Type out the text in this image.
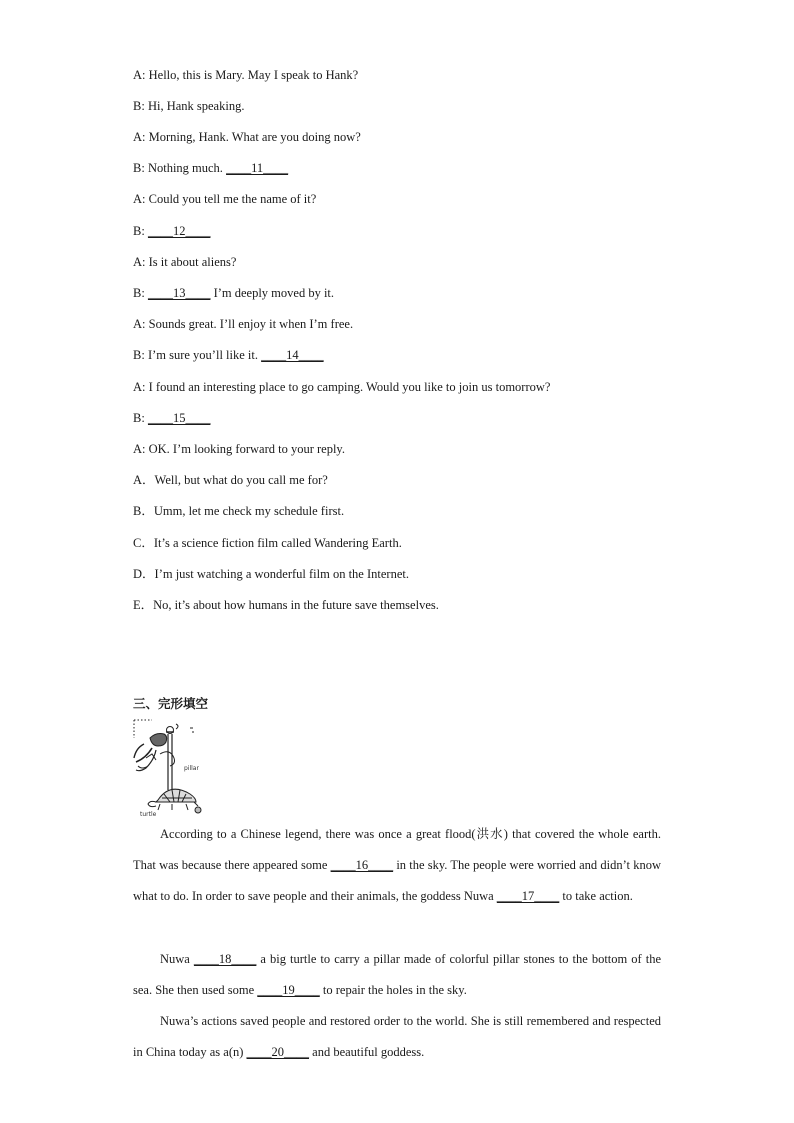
A: Hello, this is Mary. May I speak to Hank?
B: Hi, Hank speaking.
A: Morning, Hank. What are you doing now?
B: Nothing much. ____11____
A: Could you tell me the name of it?
B: ____12____
A: Is it about aliens?
B: ____13____ I’m deeply moved by it.
A: Sounds great. I’ll enjoy it when I’m free.
B: I’m sure you’ll like it. ____14____
A: I found an interesting place to go camping. Would you like to join us tomorrow?
B: ____15____
A: OK. I’m looking forward to your reply.
A．Well, but what do you call me for?
B．Umm, let me check my schedule first.
C．It’s a science fiction film called Wandering Earth.
D．I’m just watching a wonderful film on the Internet.
E．No, it’s about how humans in the future save themselves.
三、完形填空
pillar
turtle
According to a Chinese legend, there was once a great flood(洪水) that covered the whole earth. That was because there appeared some ____16____ in the sky. The people were worried and didn’t know what to do. In order to save people and their animals, the goddess Nuwa ____17____ to take action.
Nuwa ____18____ a big turtle to carry a pillar made of colorful pillar stones to the bottom of the sea. She then used some ____19____ to repair the holes in the sky.
Nuwa’s actions saved people and restored order to the world. She is still remembered and respected in China today as a(n) ____20____ and beautiful goddess.
